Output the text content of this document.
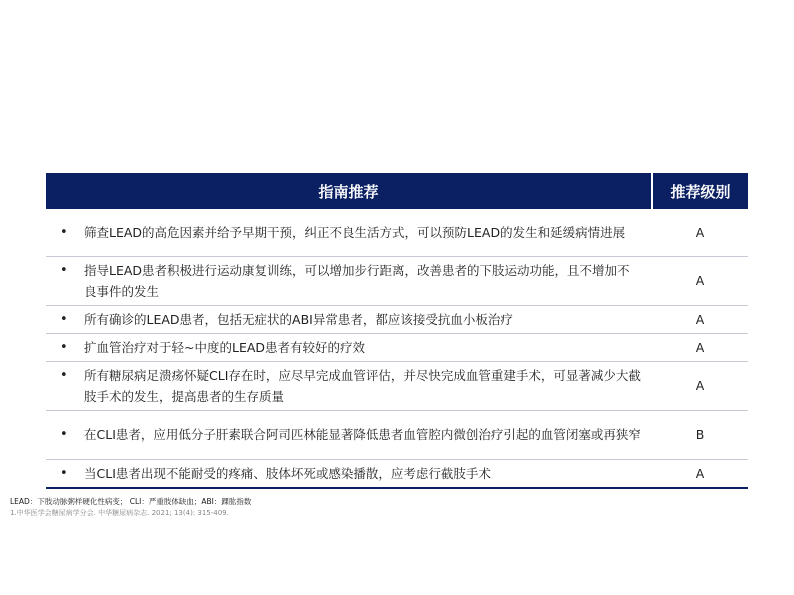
指南推荐	推荐级别

• 筛查LEAD的高危因素并给予早期干预，纠正不良生活方式，可以预防LEAD的发生和延缓病情进展	A

• 指导LEAD患者积极进行运动康复训练，可以增加步行距离，改善患者的下肢运动功能，且不增加不良事件的发生	A

• 所有确诊的LEAD患者，包括无症状的ABI异常患者，都应该接受抗血小板治疗	A

• 扩血管治疗对于轻~中度的LEAD患者有较好的疗效	A

• 所有糖尿病足溃疡怀疑CLI存在时，应尽早完成血管评估，并尽快完成血管重建手术，可显著减少大截肢手术的发生，提高患者的生存质量	A

• 在CLI患者，应用低分子肝素联合阿司匹林能显著降低患者血管腔内微创治疗引起的血管闭塞或再狭窄	B

• 当CLI患者出现不能耐受的疼痛、肢体坏死或感染播散，应考虑行截肢手术	A
LEAD：下肢动脉粥样硬化性病变； CLI：严重肢体缺血；ABI：踝肱指数
1.中华医学会糖尿病学分会. 中华糖尿病杂志. 2021; 13(4): 315-409.
